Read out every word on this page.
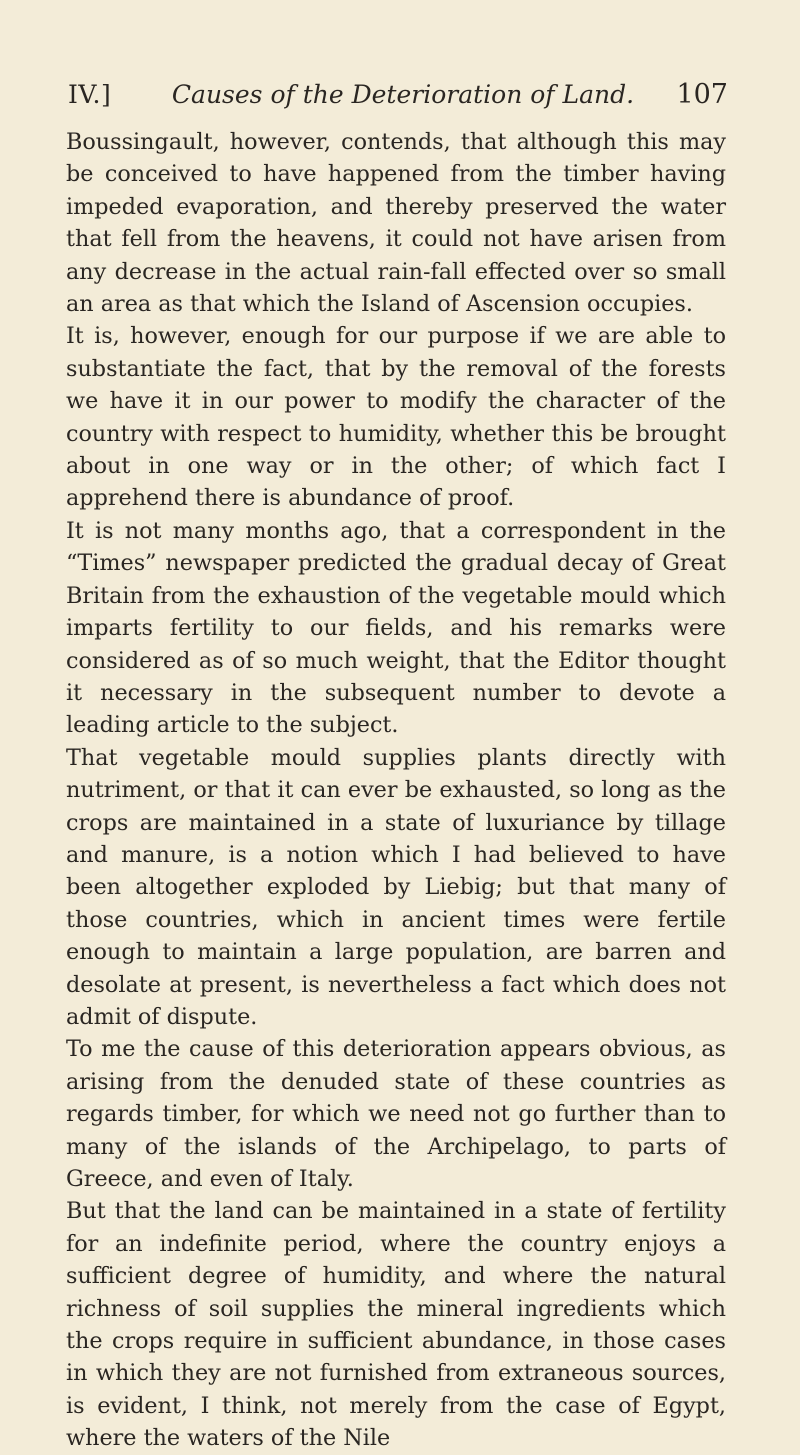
IV.]	Causes of the Deterioration of Land.	107

Boussingault, however, contends, that although this may be conceived to have happened from the timber having impeded evaporation, and thereby preserved the water that fell from the heavens, it could not have arisen from any decrease in the actual rain-fall effected over so small an area as that which the Island of Ascension occupies.

It is, however, enough for our purpose if we are able to substantiate the fact, that by the removal of the forests we have it in our power to modify the character of the country with respect to humidity, whether this be brought about in one way or in the other; of which fact I apprehend there is abundance of proof.

It is not many months ago, that a correspondent in the “Times” newspaper predicted the gradual decay of Great Britain from the exhaustion of the vegetable mould which imparts fertility to our fields, and his remarks were considered as of so much weight, that the Editor thought it necessary in the subsequent number to devote a leading article to the subject.

That vegetable mould supplies plants directly with nutriment, or that it can ever be exhausted, so long as the crops are maintained in a state of luxuriance by tillage and manure, is a notion which I had believed to have been altogether exploded by Liebig; but that many of those countries, which in ancient times were fertile enough to maintain a large population, are barren and desolate at present, is nevertheless a fact which does not admit of dispute.

To me the cause of this deterioration appears obvious, as arising from the denuded state of these countries as regards timber, for which we need not go further than to many of the islands of the Archipelago, to parts of Greece, and even of Italy.

But that the land can be maintained in a state of fertility for an indefinite period, where the country enjoys a sufficient degree of humidity, and where the natural richness of soil supplies the mineral ingredients which the crops require in sufficient abundance, in those cases in which they are not furnished from extraneous sources, is evident, I think, not merely from the case of Egypt, where the waters of the Nile
